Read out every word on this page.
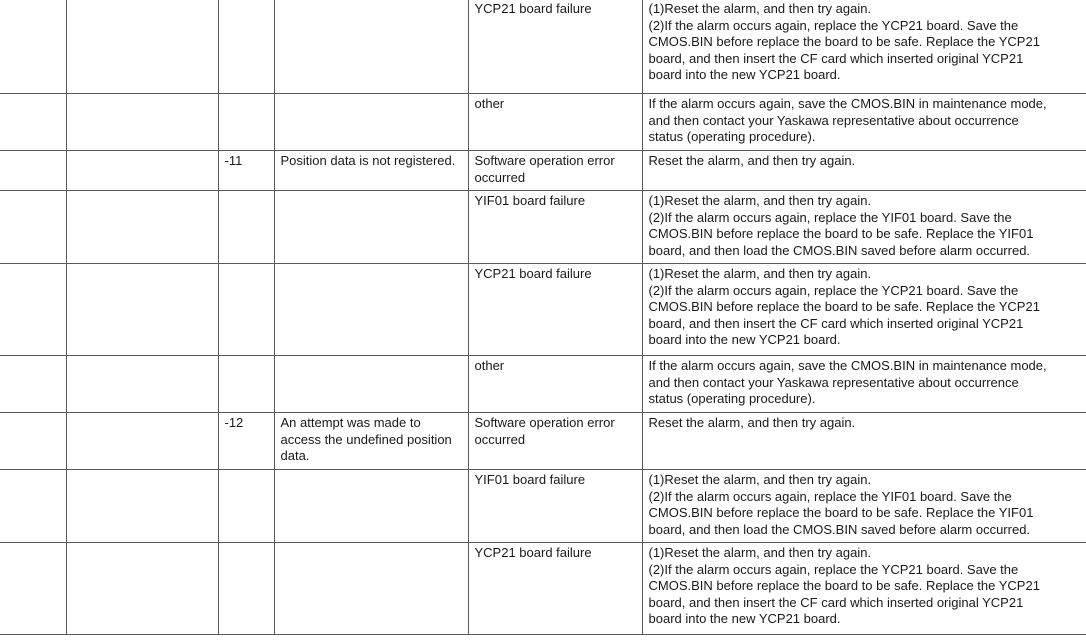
				YCP21 board failure	(1)Reset the alarm, and then try again.
(2)If the alarm occurs again, replace the YCP21 board. Save the
CMOS.BIN before replace the board to be safe. Replace the YCP21
board, and then insert the CF card which inserted original YCP21
board into the new YCP21 board.

				other	If the alarm occurs again, save the CMOS.BIN in maintenance mode,
and then contact your Yaskawa representative about occurrence
status (operating procedure).

		-11	Position data is not registered.	Software operation error
occurred	Reset the alarm, and then try again.

				YIF01 board failure	(1)Reset the alarm, and then try again.
(2)If the alarm occurs again, replace the YIF01 board. Save the
CMOS.BIN before replace the board to be safe. Replace the YIF01
board, and then load the CMOS.BIN saved before alarm occurred.

				YCP21 board failure	(1)Reset the alarm, and then try again.
(2)If the alarm occurs again, replace the YCP21 board. Save the
CMOS.BIN before replace the board to be safe. Replace the YCP21
board, and then insert the CF card which inserted original YCP21
board into the new YCP21 board.

				other	If the alarm occurs again, save the CMOS.BIN in maintenance mode,
and then contact your Yaskawa representative about occurrence
status (operating procedure).

		-12	An attempt was made to
access the undefined position
data.	Software operation error
occurred	Reset the alarm, and then try again.

				YIF01 board failure	(1)Reset the alarm, and then try again.
(2)If the alarm occurs again, replace the YIF01 board. Save the
CMOS.BIN before replace the board to be safe. Replace the YIF01
board, and then load the CMOS.BIN saved before alarm occurred.

				YCP21 board failure	(1)Reset the alarm, and then try again.
(2)If the alarm occurs again, replace the YCP21 board. Save the
CMOS.BIN before replace the board to be safe. Replace the YCP21
board, and then insert the CF card which inserted original YCP21
board into the new YCP21 board.
